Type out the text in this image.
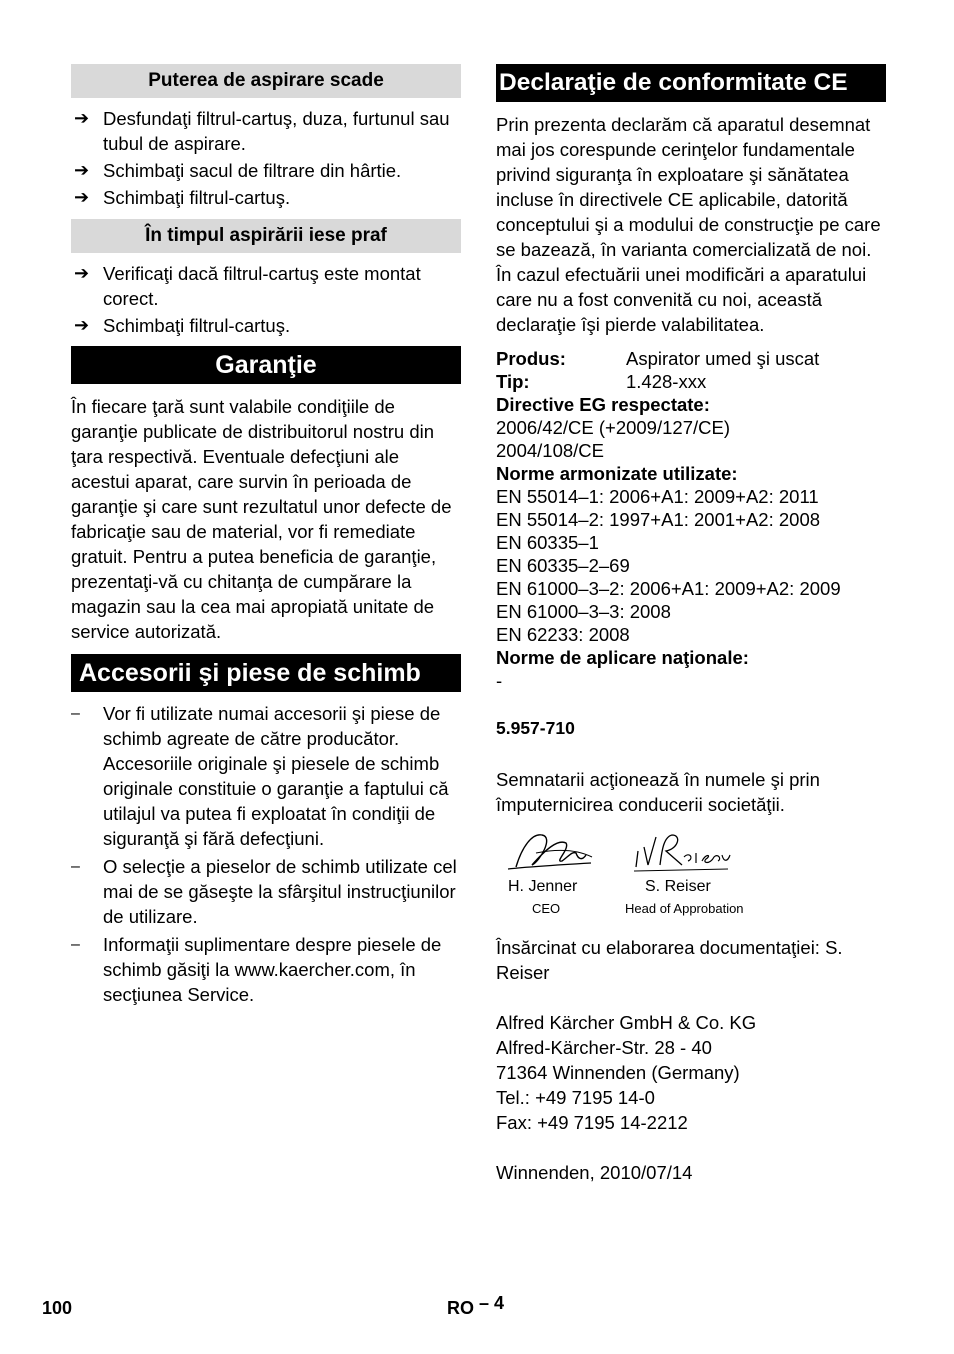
Puterea de aspirare scade
➔ Desfundaţi filtrul-cartuş, duza, furtunul sau tubul de aspirare.
➔ Schimbaţi sacul de filtrare din hârtie.
➔ Schimbaţi filtrul-cartuş.
În timpul aspirării iese praf
➔ Verificaţi dacă filtrul-cartuş este montat corect.
➔ Schimbaţi filtrul-cartuş.
Garanţie

În fiecare ţară sunt valabile condiţiile de garanţie publicate de distribuitorul nostru din ţara respectivă. Eventuale defecţiuni ale acestui aparat, care survin în perioada de garanţie şi care sunt rezultatul unor defecte de fabricaţie sau de material, vor fi remediate gratuit. Pentru a putea beneficia de garanţie, prezentaţi-vă cu chitanţa de cumpărare la magazin sau la cea mai apropiată unitate de service autorizată.

Accesorii şi piese de schimb
– Vor fi utilizate numai accesorii şi piese de schimb agreate de către producător. Accesoriile originale şi piesele de schimb originale constituie o garanţie a faptului că utilajul va putea fi exploatat în condiţii de siguranţă şi fără defecţiuni.
– O selecţie a pieselor de schimb utilizate cel mai de se găseşte la sfârşitul instrucţiunilor de utilizare.
– Informaţii suplimentare despre piesele de schimb găsiţi la www.kaercher.com, în secţiunea Service.
Declaraţie de conformitate CE

Prin prezenta declarăm că aparatul desemnat mai jos corespunde cerinţelor fundamentale privind siguranţa în exploatare şi sănătatea incluse în directivele CE aplicabile, datorită conceptului şi a modului de construcţie pe care se bazează, în varianta comercializată de noi. În cazul efectuării unei modificări a aparatului care nu a fost convenită cu noi, această declaraţie îşi pierde valabilitatea.

Produs:	Aspirator umed şi uscat
Tip:	1.428-xxx
Directive EG respectate:
2006/42/CE (+2009/127/CE)
2004/108/CE
Norme armonizate utilizate:
EN 55014–1: 2006+A1: 2009+A2: 2011
EN 55014–2: 1997+A1: 2001+A2: 2008
EN 60335–1
EN 60335–2–69
EN 61000–3–2: 2006+A1: 2009+A2: 2009
EN 61000–3–3: 2008
EN 62233: 2008
Norme de aplicare naţionale:
-

5.957-710

Semnatarii acţionează în numele şi prin împuternicirea conducerii societăţii.

H. Jenner
CEO
S. Reiser
Head of Approbation

Însărcinat cu elaborarea documentaţiei: S. Reiser

Alfred Kärcher GmbH & Co. KG

Alfred-Kärcher-Str. 28 - 40

71364 Winnenden (Germany)

Tel.: +49 7195 14-0

Fax: +49 7195 14-2212

Winnenden, 2010/07/14

100	RO – 4
